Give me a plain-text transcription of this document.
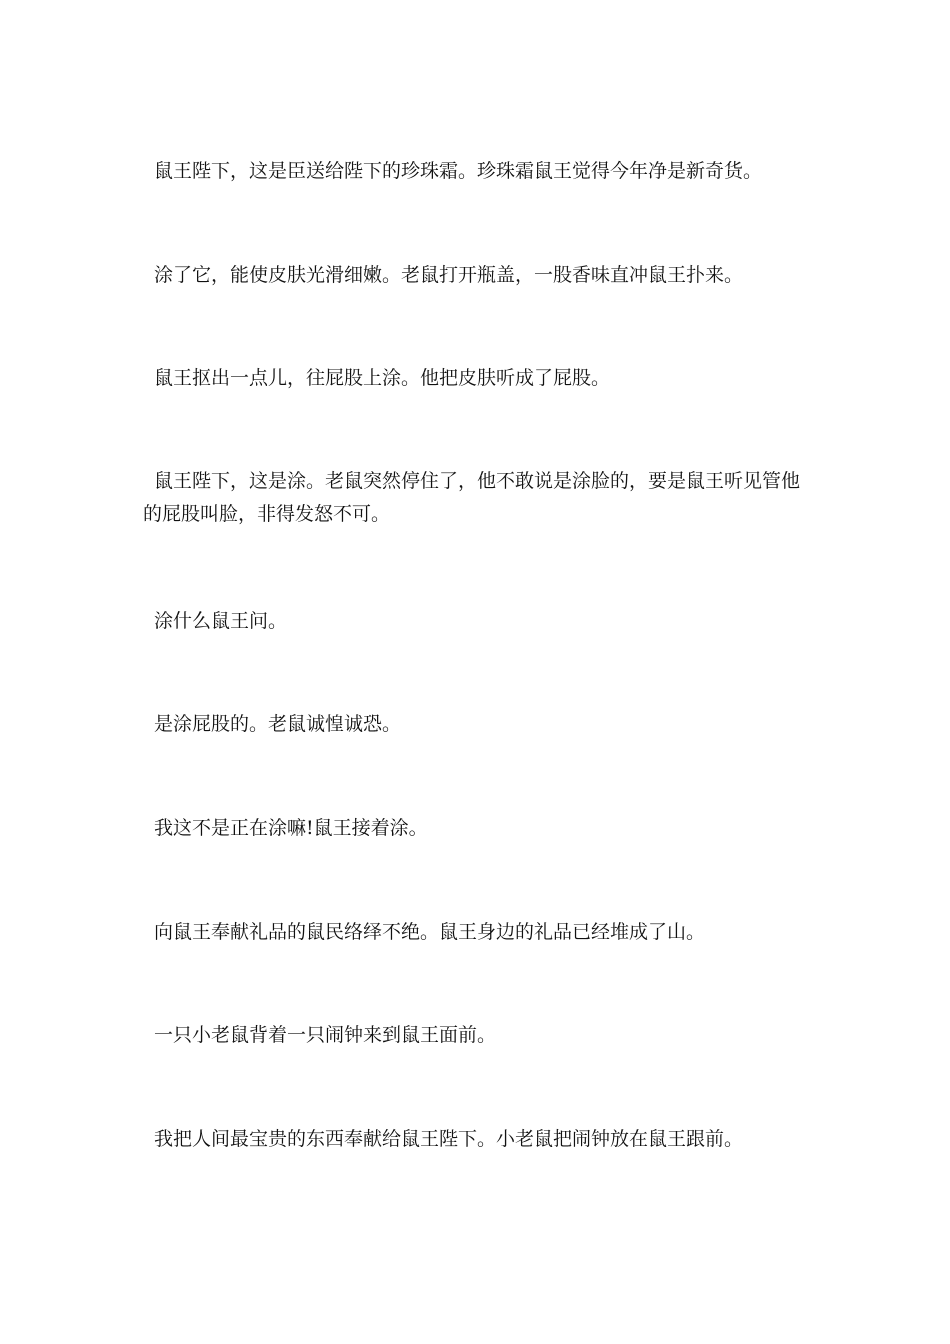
鼠王陛下，这是臣送给陛下的珍珠霜。珍珠霜鼠王觉得今年净是新奇货。

涂了它，能使皮肤光滑细嫩。老鼠打开瓶盖，一股香味直冲鼠王扑来。

鼠王抠出一点儿，往屁股上涂。他把皮肤听成了屁股。

鼠王陛下，这是涂。老鼠突然停住了，他不敢说是涂脸的，要是鼠王听见管他的屁股叫脸，非得发怒不可。

涂什么鼠王问。

是涂屁股的。老鼠诚惶诚恐。

我这不是正在涂嘛!鼠王接着涂。

向鼠王奉献礼品的鼠民络绎不绝。鼠王身边的礼品已经堆成了山。

一只小老鼠背着一只闹钟来到鼠王面前。

我把人间最宝贵的东西奉献给鼠王陛下。小老鼠把闹钟放在鼠王跟前。
